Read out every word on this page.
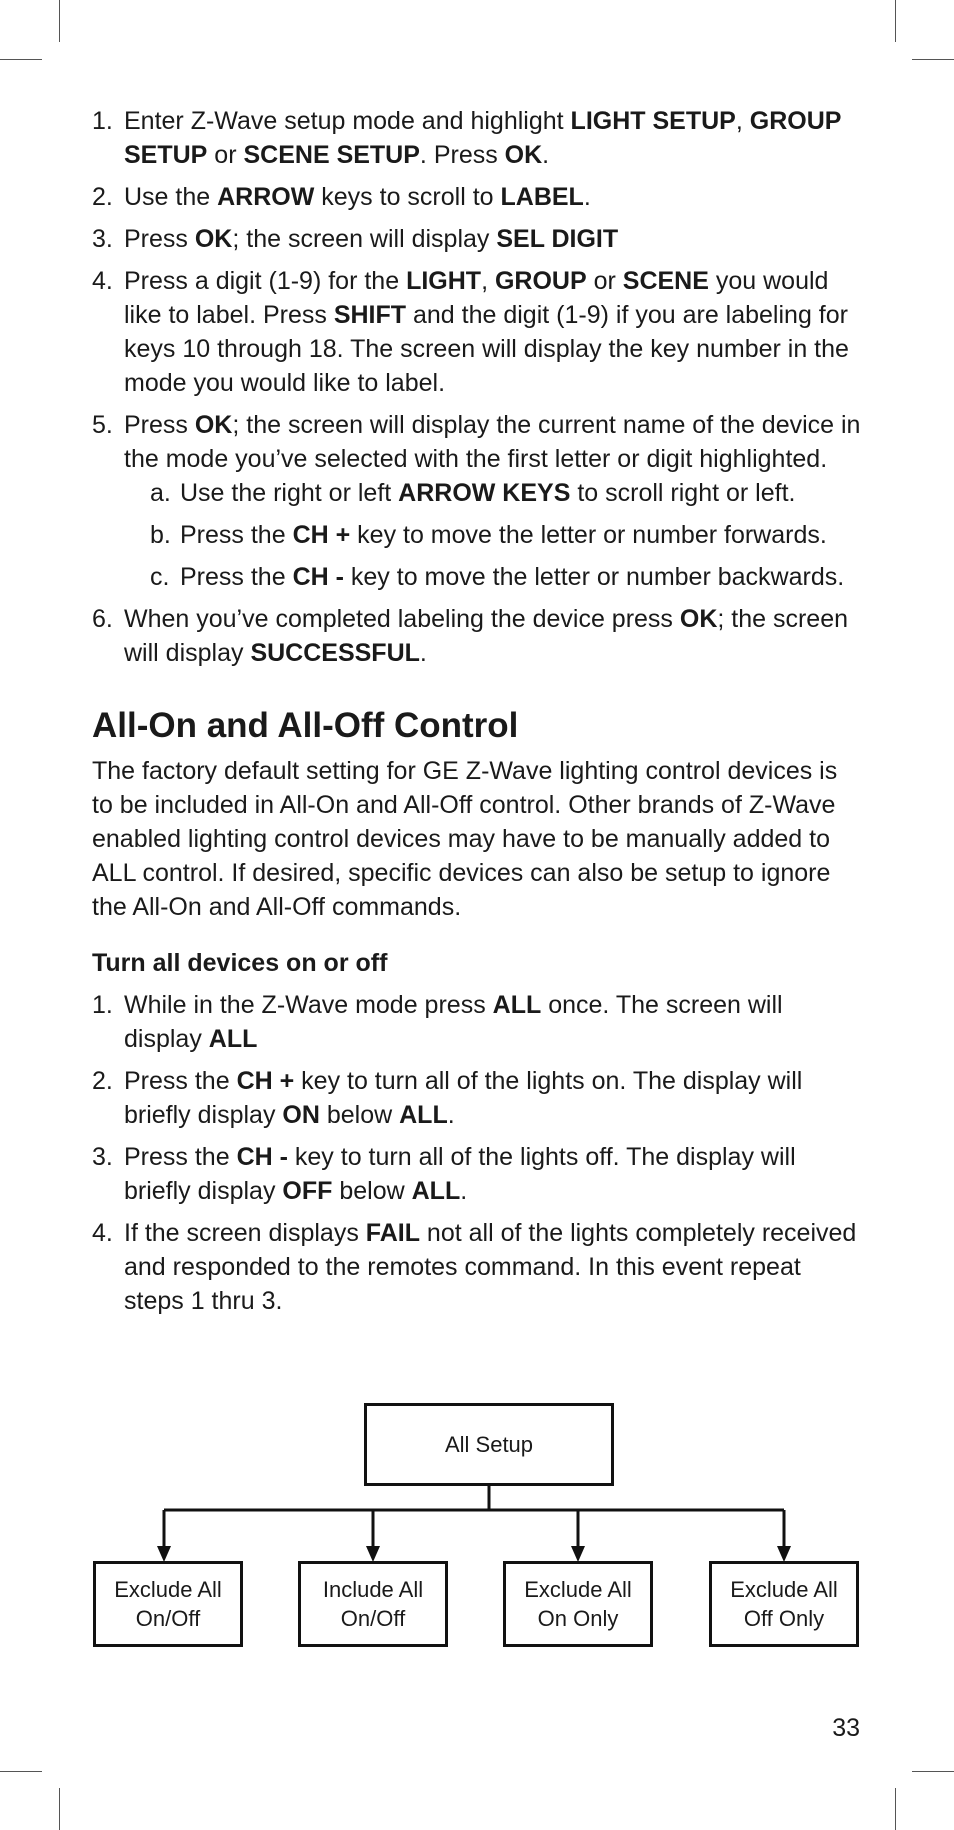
1. Enter Z-Wave setup mode and highlight LIGHT SETUP, GROUP SETUP or SCENE SETUP. Press OK.
2. Use the ARROW keys to scroll to LABEL.
3. Press OK; the screen will display SEL DIGIT
4. Press a digit (1-9) for the LIGHT, GROUP or SCENE you would like to label. Press SHIFT and the digit (1-9) if you are labeling for keys 10 through 18. The screen will display the key number in the mode you would like to label.
5. Press OK; the screen will display the current name of the device in the mode you’ve selected with the first letter or digit highlighted.
a. Use the right or left ARROW KEYS to scroll right or left.
b. Press the CH + key to move the letter or number forwards.
c. Press the CH - key to move the letter or number backwards.
6. When you’ve completed labeling the device press OK; the screen will display SUCCESSFUL.
All-On and All-Off Control

The factory default setting for GE Z-Wave lighting control devices is to be included in All-On and All-Off control. Other brands of Z-Wave enabled lighting control devices may have to be manually added to ALL control. If desired, specific devices can also be setup to ignore the All-On and All-Off commands.

Turn all devices on or off
1. While in the Z-Wave mode press ALL once. The screen will display ALL
2. Press the CH + key to turn all of the lights on. The display will briefly display ON below ALL.
3. Press the CH - key to turn all of the lights off. The display will briefly display OFF below ALL.
4. If the screen displays FAIL not all of the lights completely received and responded to the remotes command. In this event repeat steps 1 thru 3.
All Setup
Exclude All
On/Off
Include All
On/Off
Exclude All
On Only
Exclude All
Off Only
33
